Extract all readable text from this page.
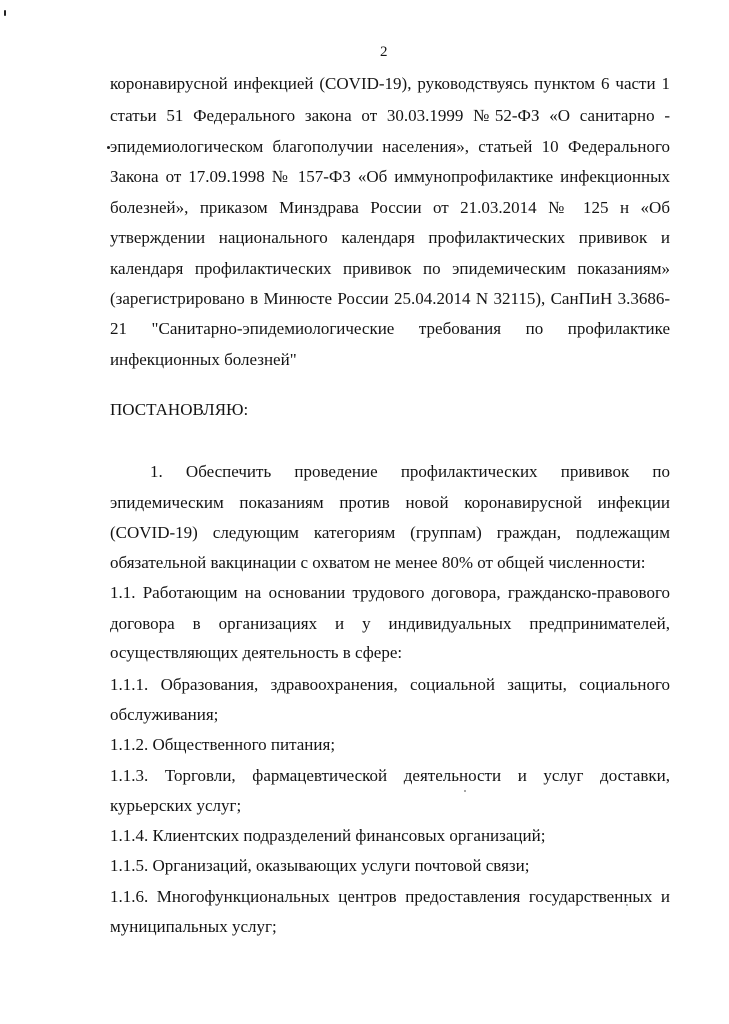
2
коронавирусной инфекцией (COVID-19), руководствуясь пунктом 6 части 1
статьи 51 Федерального закона от 30.03.1999 №52-ФЗ «О санитарно -
эпидемиологическом благополучии населения», статьей 10 Федерального
Закона от 17.09.1998 № 157-ФЗ «Об иммунопрофилактике инфекционных
болезней», приказом Минздрава России от 21.03.2014 № 125 н «Об
утверждении национального календаря профилактических прививок и
календаря профилактических прививок по эпидемическим показаниям»
(зарегистрировано в Минюсте России 25.04.2014 N 32115), СанПиН 3.3686-
21 "Санитарно-эпидемиологические требования по профилактике
инфекционных болезней"
ПОСТАНОВЛЯЮ:
1. Обеспечить проведение профилактических прививок по
эпидемическим показаниям против новой коронавирусной инфекции
(COVID-19) следующим категориям (группам) граждан, подлежащим
обязательной вакцинации с охватом не менее 80% от общей численности:
1.1. Работающим на основании трудового договора, гражданско-правового
договора в организациях и у индивидуальных предпринимателей,
осуществляющих деятельность в сфере:
1.1.1. Образования, здравоохранения, социальной защиты, социального
обслуживания;
1.1.2. Общественного питания;
1.1.3. Торговли, фармацевтической деятельности и услуг доставки,
курьерских услуг;
1.1.4. Клиентских подразделений финансовых организаций;
1.1.5. Организаций, оказывающих услуги почтовой связи;
1.1.6. Многофункциональных центров предоставления государственных и
муниципальных услуг;
